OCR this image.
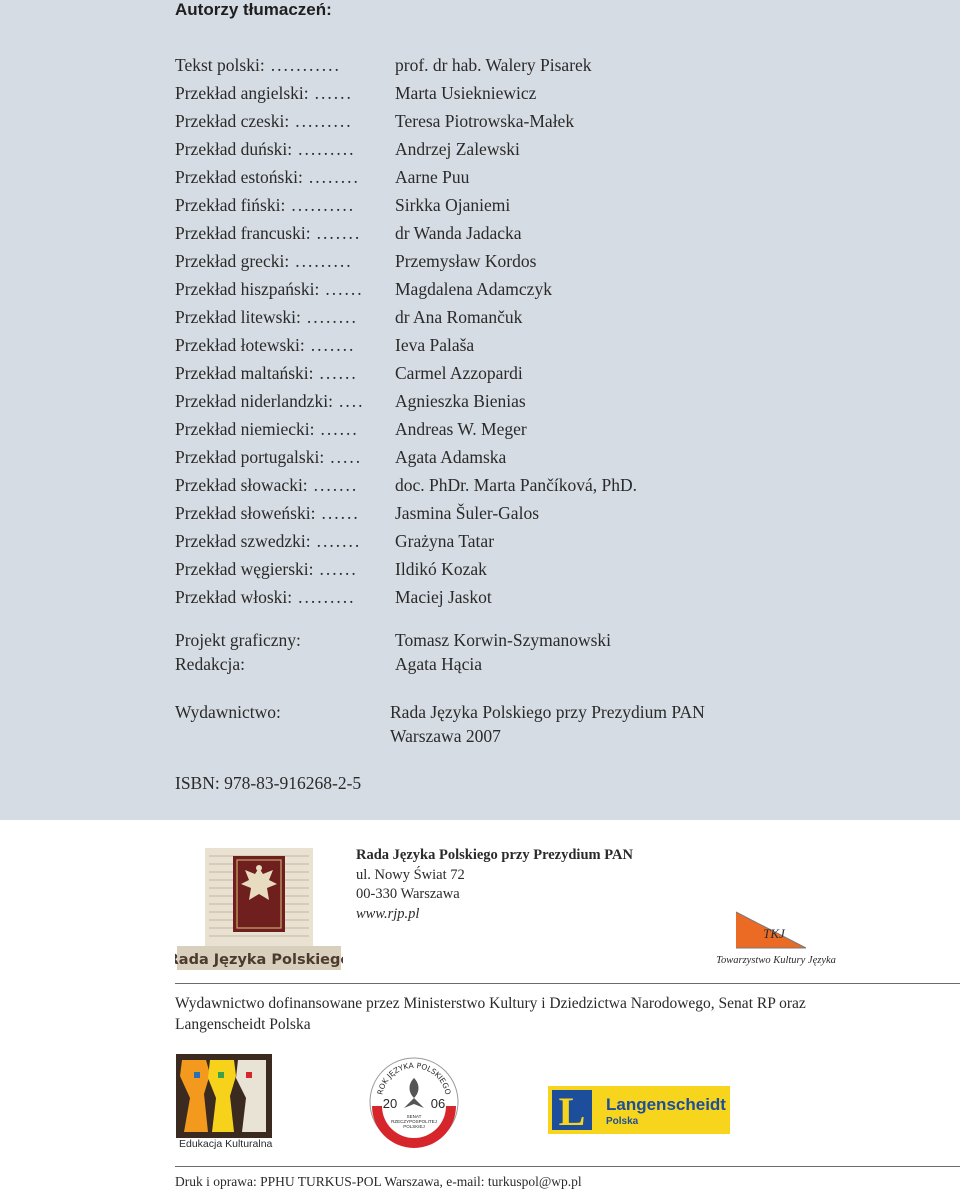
Autorzy tłumaczeń:
Tekst polski: ...........	prof. dr hab. Walery Pisarek
Przekład angielski: ......	Marta Usiekniewicz
Przekład czeski: .........	Teresa Piotrowska-Małek
Przekład duński: .........	Andrzej Zalewski
Przekład estoński: ........	Aarne Puu
Przekład fiński: ..........	Sirkka Ojaniemi
Przekład francuski: .......	dr Wanda Jadacka
Przekład grecki: .........	Przemysław Kordos
Przekład hiszpański: ......	Magdalena Adamczyk
Przekład litewski: ........	dr Ana Romančuk
Przekład łotewski: .......	Ieva Palaša
Przekład maltański: ......	Carmel Azzopardi
Przekład niderlandzki: ....	Agnieszka Bienias
Przekład niemiecki: ......	Andreas W. Meger
Przekład portugalski: .....	Agata Adamska
Przekład słowacki: .......	doc. PhDr. Marta Pančíková, PhD.
Przekład słoweński: ......	Jasmina Šuler-Galos
Przekład szwedzki: .......	Grażyna Tatar
Przekład węgierski: ......	Ildikó Kozak
Przekład włoski: .........	Maciej Jaskot
Projekt graficzny:	Tomasz Korwin-Szymanowski
Redakcja:	Agata Hącia
Wydawnictwo:	Rada Języka Polskiego przy Prezydium PAN
Warszawa 2007
ISBN: 978-83-916268-2-5
Rada Języka Polskiego
Rada Języka Polskiego przy Prezydium PAN
ul. Nowy Świat 72
00-330 Warszawa
www.rjp.pl
TKJ
Towarzystwo Kultury Języka
Wydawnictwo dofinansowane przez Ministerstwo Kultury i Dziedzictwa Narodowego, Senat RP oraz Langenscheidt Polska
Edukacja Kulturalna
ROK JĘZYKA POLSKIEGO
20	06
SENAT
RZECZYPOSPOLITEJ
POLSKIEJ	L Langenscheidt
Polska
Druk i oprawa: PPHU TURKUS-POL Warszawa, e-mail: turkuspol@wp.pl
